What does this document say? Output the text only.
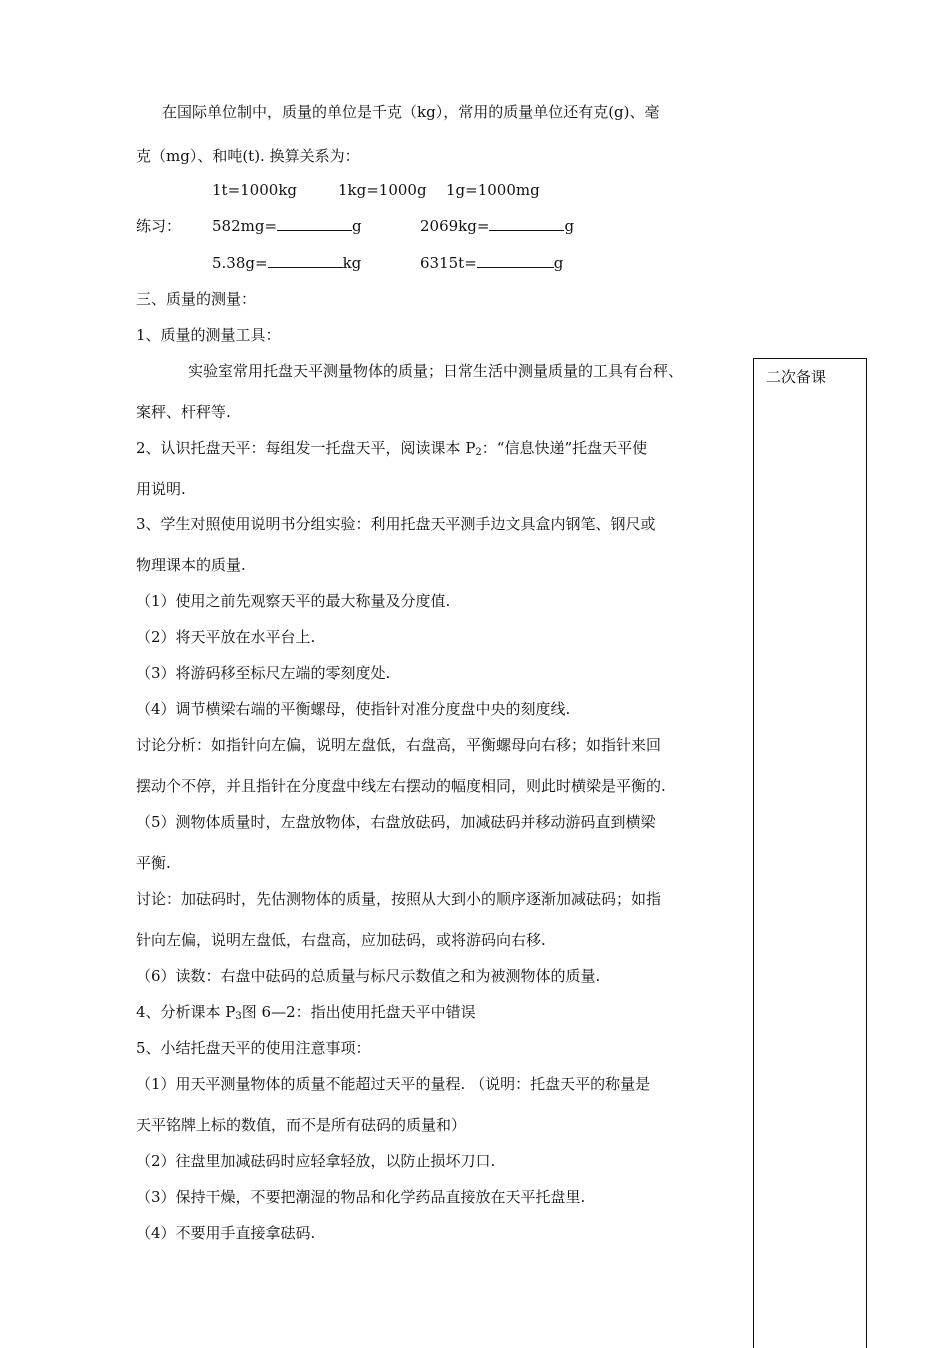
在国际单位制中，质量的单位是千克（kg），常用的质量单位还有克(g)、毫
克（mg）、和吨(t). 换算关系为：
1t=1000kg	1kg=1000g 1g=1000mg
练习： 582mg=	g	2069kg=	g
5.38g=	kg	6315t=	g
三、质量的测量：
1、质量的测量工具：
实验室常用托盘天平测量物体的质量；日常生活中测量质量的工具有台秤、
案秤、杆秤等.
2、认识托盘天平：每组发一托盘天平，阅读课本 $P_2$：“信息快递”托盘天平使
用说明.
3、学生对照使用说明书分组实验：利用托盘天平测手边文具盒内钢笔、钢尺或
物理课本的质量.
（1）使用之前先观察天平的最大称量及分度值.
（2）将天平放在水平台上.
（3）将游码移至标尺左端的零刻度处.
（4）调节横梁右端的平衡螺母，使指针对准分度盘中央的刻度线.
讨论分析：如指针向左偏，说明左盘低，右盘高，平衡螺母向右移；如指针来回
摆动个不停，并且指针在分度盘中线左右摆动的幅度相同，则此时横梁是平衡的.
（5）测物体质量时，左盘放物体，右盘放砝码，加减砝码并移动游码直到横梁
平衡.
讨论：加砝码时，先估测物体的质量，按照从大到小的顺序逐渐加减砝码；如指
针向左偏，说明左盘低，右盘高，应加砝码，或将游码向右移.
（6）读数：右盘中砝码的总质量与标尺示数值之和为被测物体的质量.
4、分析课本 $P_3$图 6—2：指出使用托盘天平中错误
5、小结托盘天平的使用注意事项：
（1）用天平测量物体的质量不能超过天平的量程. （说明：托盘天平的称量是
天平铭牌上标的数值，而不是所有砝码的质量和）
（2）往盘里加减砝码时应轻拿轻放，以防止损坏刀口.
（3）保持干燥，不要把潮湿的物品和化学药品直接放在天平托盘里.
（4）不要用手直接拿砝码.
二次备课
